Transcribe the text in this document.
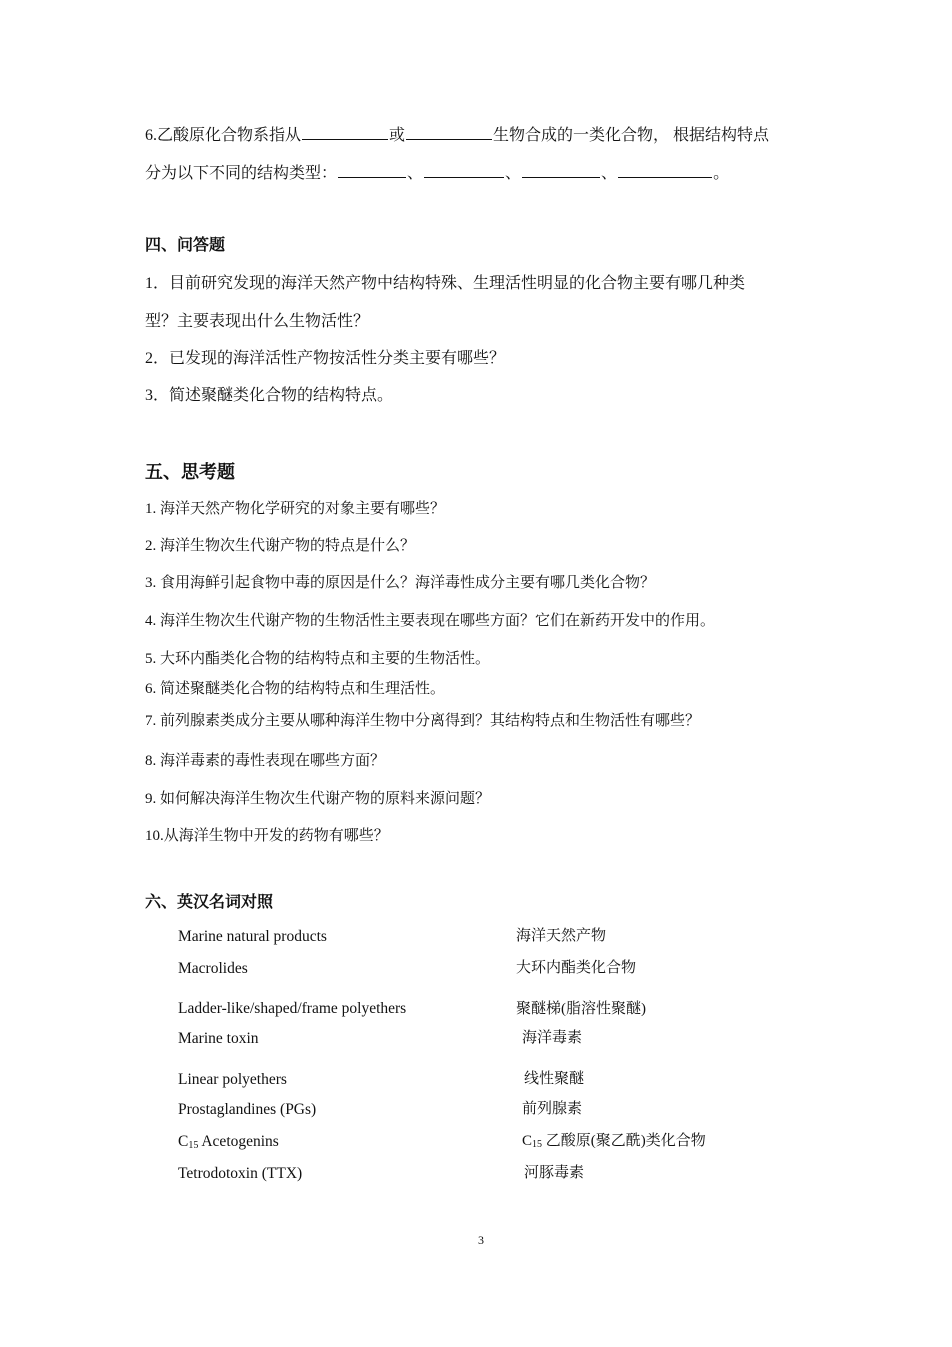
6.乙酸原化合物系指从	或	生物合成的一类化合物， 根据结构特点
分为以下不同的结构类型：	、	、	、	。
四、问答题
1．目前研究发现的海洋天然产物中结构特殊、生理活性明显的化合物主要有哪几种类
型？主要表现出什么生物活性？
2．已发现的海洋活性产物按活性分类主要有哪些？
3．简述聚醚类化合物的结构特点。
五、思考题
1. 海洋天然产物化学研究的对象主要有哪些？
2. 海洋生物次生代谢产物的特点是什么？
3. 食用海鲜引起食物中毒的原因是什么？海洋毒性成分主要有哪几类化合物？
4. 海洋生物次生代谢产物的生物活性主要表现在哪些方面？它们在新药开发中的作用。
5. 大环内酯类化合物的结构特点和主要的生物活性。
6. 简述聚醚类化合物的结构特点和生理活性。
7. 前列腺素类成分主要从哪种海洋生物中分离得到？其结构特点和生物活性有哪些？
8. 海洋毒素的毒性表现在哪些方面？
9. 如何解决海洋生物次生代谢产物的原料来源问题？
10.从海洋生物中开发的药物有哪些？
六、英汉名词对照
Marine natural products	海洋天然产物
Macrolides	大环内酯类化合物
Ladder-like/shaped/frame polyethers	聚醚梯(脂溶性聚醚)
Marine toxin	海洋毒素
Linear polyethers	线性聚醚
Prostaglandines (PGs)	前列腺素
$C_{15}$ Acetogenins	$C_{15}$ 乙酸原(聚乙酰)类化合物
Tetrodotoxin (TTX)	河豚毒素
3
